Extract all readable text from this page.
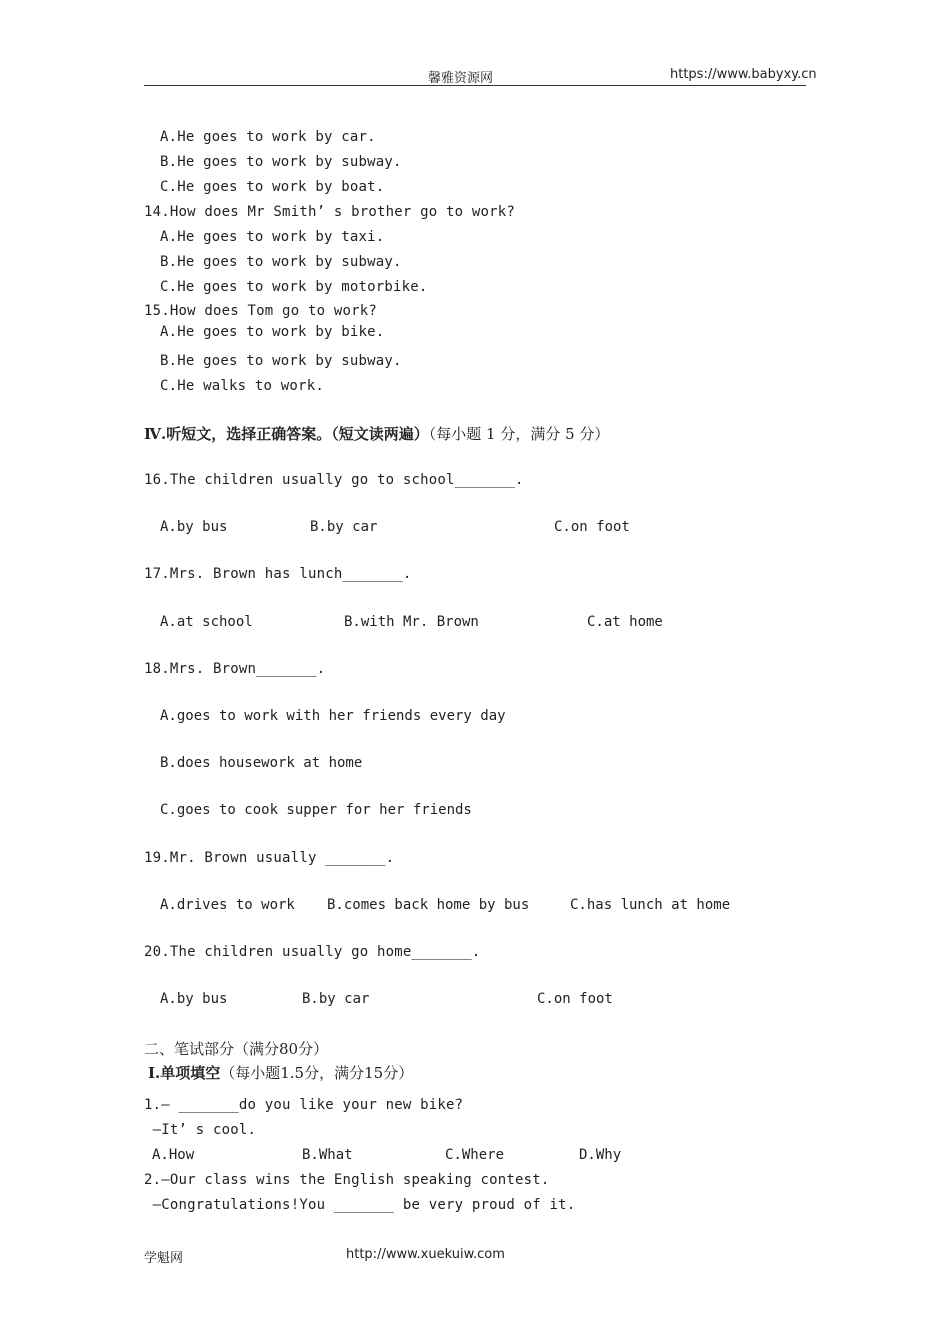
馨雅资源网	https://www.babyxy.cn
A.He goes to work by car.
B.He goes to work by subway.
C.He goes to work by boat.
14.How does Mr Smith’ s brother go to work?
A.He goes to work by taxi.
B.He goes to work by subway.
C.He goes to work by motorbike.
15.How does Tom go to work?
A.He goes to work by bike.
B.He goes to work by subway.
C.He walks to work.
Ⅳ.听短文，选择正确答案。（短文读两遍）（每小题 1 分，满分 5 分）
16.The children usually go to school_______.
A.by bus	B.by car	C.on foot
17.Mrs. Brown has lunch_______.
A.at school	B.with Mr. Brown	C.at home
18.Mrs. Brown_______.
A.goes to work with her friends every day
B.does housework at home
C.goes to cook supper for her friends
19.Mr. Brown usually _______.
A.drives to work B.comes back home by bus	C.has lunch at home
20.The children usually go home_______.
A.by bus	B.by car	C.on foot
二、笔试部分（满分80分）
Ⅰ.单项填空（每小题1.5分，满分15分）
1.— _______do you like your new bike?
—It’ s cool.
A.How	B.What	C.Where	D.Why
2.—Our class wins the English speaking contest.
—Congratulations!You _______ be very proud of it.
学魁网	http://www.xuekuiw.com
